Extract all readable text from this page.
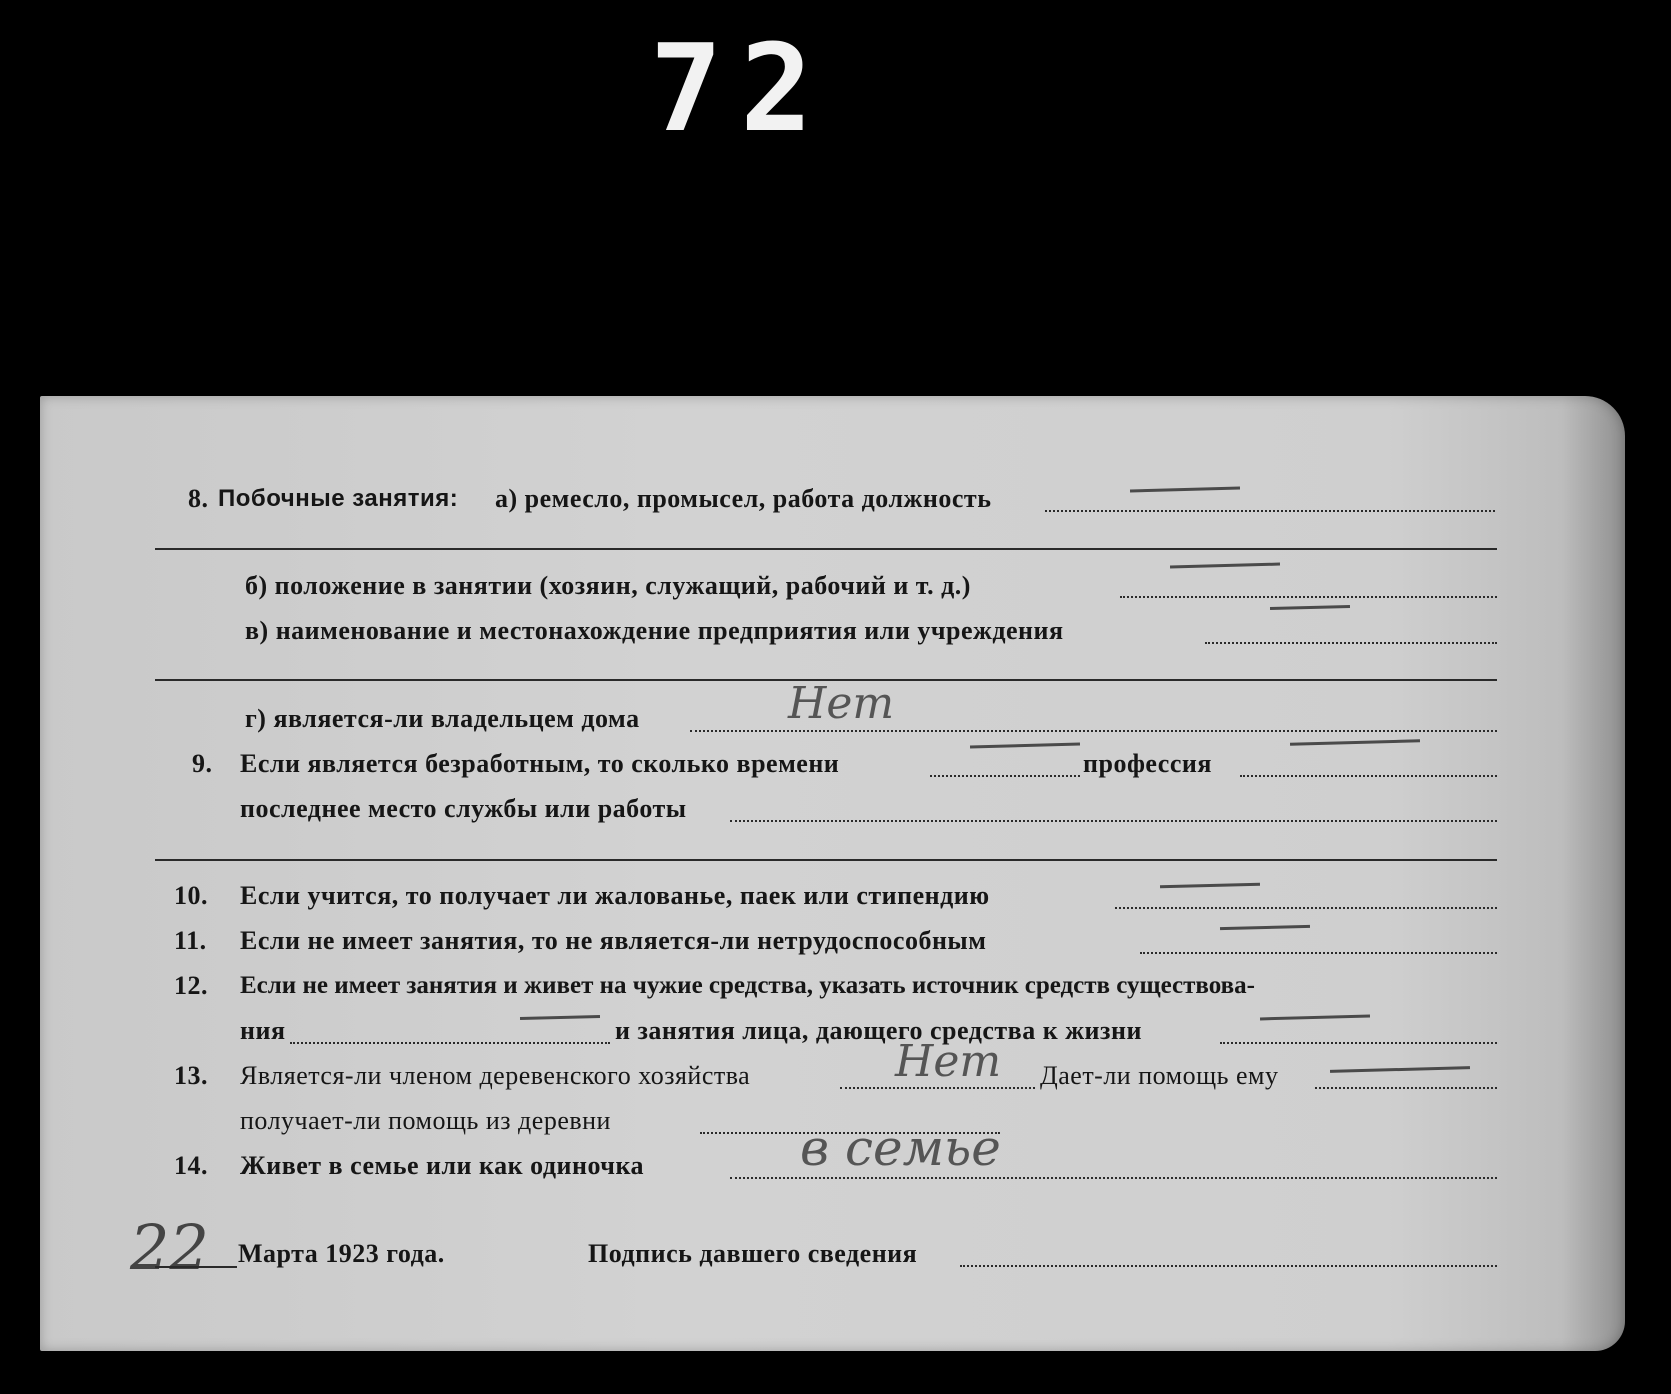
72
8. Побочные занятия: а) ремесло, промысел, работа должность
б) положение в занятии (хозяин, служащий, рабочий и т. д.)
в) наименование и местонахождение предприятия или учреждения
г) является-ли владельцем дома	Нет
9. Если является безработным, то сколько времени	профессия
последнее место службы или работы
10. Если учится, то получает ли жалованье, паек или стипендию
11. Если не имеет занятия, то не является-ли нетрудоспособным
12. Если не имеет занятия и живет на чужие средства, указать источник средств существова-
ния	и занятия лица, дающего средства к жизни
13. Является-ли членом деревенского хозяйства	Нет Дает-ли помощь ему
получает-ли помощь из деревни
14. Живет в семье или как одиночка	в семье
22 Марта 1923 года.	Подпись давшего сведения
